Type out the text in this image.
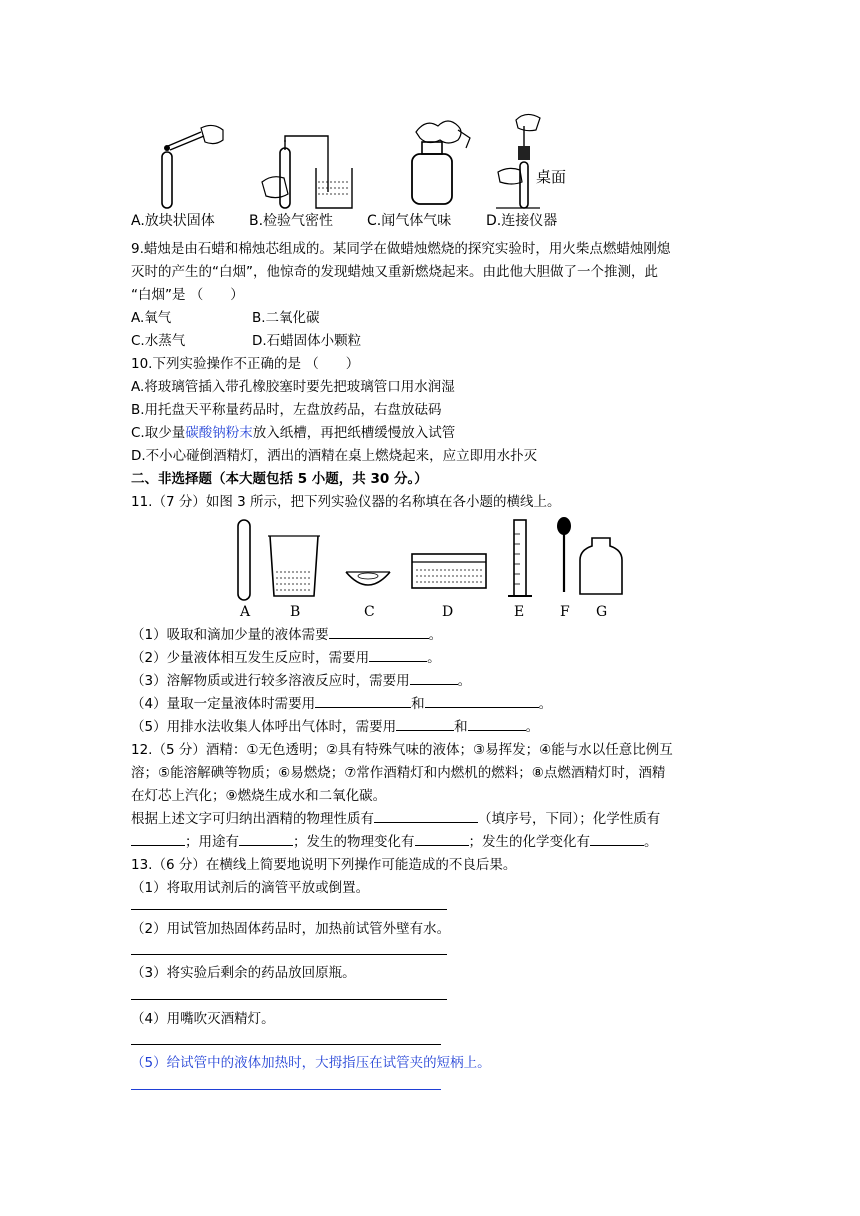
桌面
A.放块状固体 B.检验气密性 C.闻气体气味 D.连接仪器
9.蜡烛是由石蜡和棉烛芯组成的。某同学在做蜡烛燃烧的探究实验时，用火柴点燃蜡烛刚熄
灭时的产生的“白烟”，他惊奇的发现蜡烛又重新燃烧起来。由此他大胆做了一个推测，此
“白烟”是 （　　）
A.氧气	B.二氧化碳
C.水蒸气	D.石蜡固体小颗粒
10.下列实验操作不正确的是 （　　）
A.将玻璃管插入带孔橡胶塞时要先把玻璃管口用水润湿
B.用托盘天平称量药品时，左盘放药品，右盘放砝码
C.取少量碳酸钠粉末放入纸槽，再把纸槽缓慢放入试管
D.不小心碰倒酒精灯，洒出的酒精在桌上燃烧起来，应立即用水扑灭
二、非选择题（本大题包括 5 小题，共 30 分。）
11.（7 分）如图 3 所示，把下列实验仪器的名称填在各小题的横线上。
A	B	C	D	E	F G
（1）吸取和滴加少量的液体需要	。
（2）少量液体相互发生反应时，需要用	。
（3）溶解物质或进行较多溶液反应时，需要用	。
（4）量取一定量液体时需要用	和	。
（5）用排水法收集人体呼出气体时，需要用	和	。
12.（5 分）酒精：①无色透明；②具有特殊气味的液体；③易挥发；④能与水以任意比例互
溶；⑤能溶解碘等物质；⑥易燃烧；⑦常作酒精灯和内燃机的燃料；⑧点燃酒精灯时，酒精
在灯芯上汽化；⑨燃烧生成水和二氧化碳。
根据上述文字可归纳出酒精的物理性质有	（填序号，下同）；化学性质有
；用途有	；发生的物理变化有	；发生的化学变化有	。
13.（6 分）在横线上简要地说明下列操作可能造成的不良后果。
（1）将取用试剂后的滴管平放或倒置。
（2）用试管加热固体药品时，加热前试管外壁有水。
（3）将实验后剩余的药品放回原瓶。
（4）用嘴吹灭酒精灯。
（5）给试管中的液体加热时，大拇指压在试管夹的短柄上。
